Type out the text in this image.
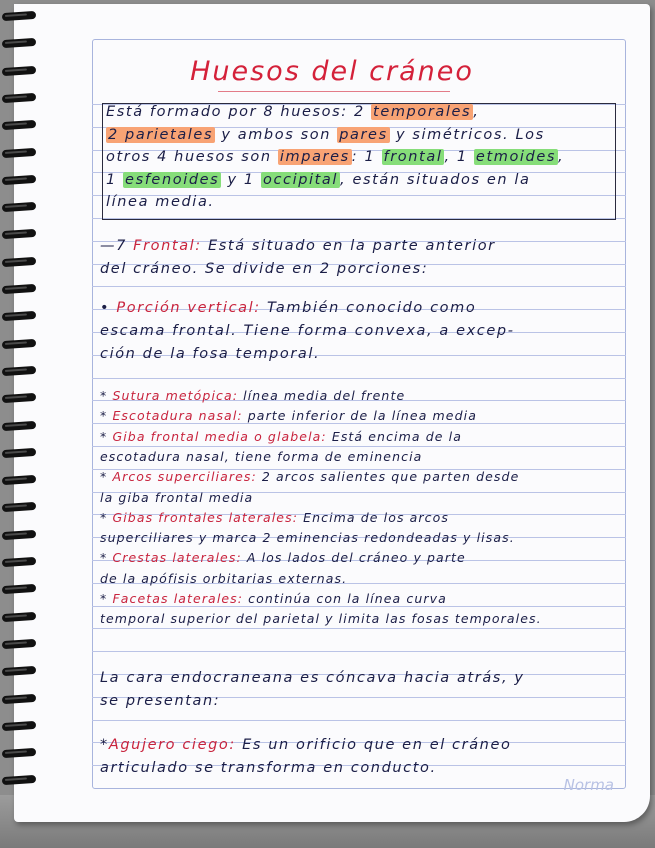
Huesos del cráneo
Está formado por 8 huesos: 2 temporales ,
2 parietales y ambos son pares y simétricos. Los
otros 4 huesos son impares : 1 frontal , 1 etmoides ,
1 esfenoides y 1 occipital , están situados en la
línea media.
—7 Frontal: Está situado en la parte anterior
del cráneo. Se divide en 2 porciones:
• Porción vertical: También conocido como
escama frontal. Tiene forma convexa, a excep-
ción de la fosa temporal.
* Sutura metópica: línea media del frente
* Escotadura nasal: parte inferior de la línea media
* Giba frontal media o glabela: Está encima de la
escotadura nasal, tiene forma de eminencia
* Arcos superciliares: 2 arcos salientes que parten desde
la giba frontal media
* Gibas frontales laterales: Encima de los arcos
superciliares y marca 2 eminencias redondeadas y lisas.
* Crestas laterales: A los lados del cráneo y parte
de la apófisis orbitarias externas.
* Facetas laterales: continúa con la línea curva
temporal superior del parietal y limita las fosas temporales.
La cara endocraneana es cóncava hacia atrás, y
se presentan:
*Agujero ciego: Es un orificio que en el cráneo
articulado se transforma en conducto.
Norma
